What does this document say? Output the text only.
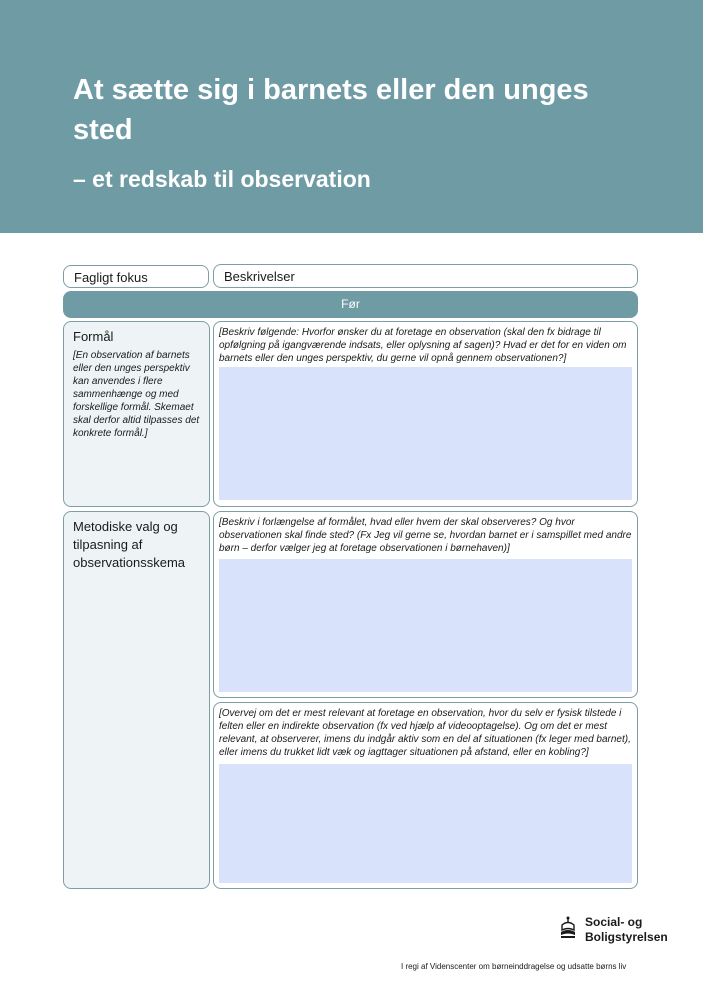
At sætte sig i barnets eller den unges sted
– et redskab til observation
Fagligt fokus	Beskrivelser
Før
Formål
[En observation af barnets eller den unges perspektiv kan anvendes i flere sammenhænge og med forskellige formål. Skemaet skal derfor altid tilpasses det konkrete formål.]
[Beskriv følgende: Hvorfor ønsker du at foretage en observation (skal den fx bidrage til opfølgning på igangværende indsats, eller oplysning af sagen)? Hvad er det for en viden om barnets eller den unges perspektiv, du gerne vil opnå gennem observationen?]
Metodiske valg og tilpasning af observationsskema
[Beskriv i forlængelse af formålet, hvad eller hvem der skal observeres? Og hvor observationen skal finde sted? (Fx Jeg vil gerne se, hvordan barnet er i samspillet med andre børn – derfor vælger jeg at foretage observationen i børnehaven)]
[Overvej om det er mest relevant at foretage en observation, hvor du selv er fysisk tilstede i felten eller en indirekte observation (fx ved hjælp af videooptagelse). Og om det er mest relevant, at observerer, imens du indgår aktiv som en del af situationen (fx leger med barnet), eller imens du trukket lidt væk og iagttager situationen på afstand, eller en kobling?]
Social- og
Boligstyrelsen
I regi af Videnscenter om børneinddragelse og udsatte børns liv
